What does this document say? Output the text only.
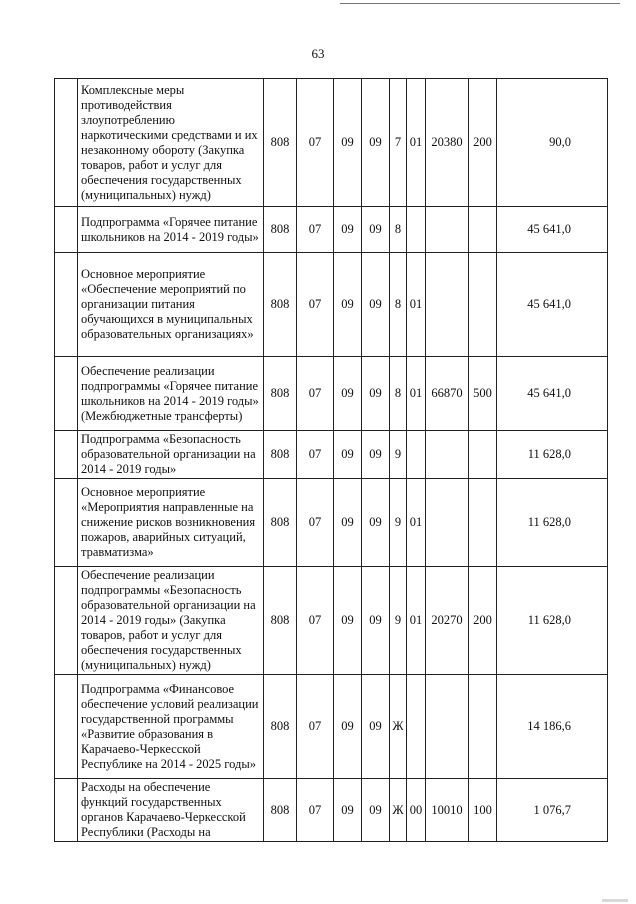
63
	Комплексные меры противодействия злоупотреблению наркотическими средствами и их незаконному обороту (Закупка товаров, работ и услуг для обеспечения государственных (муниципальных) нужд)	808	07	09	09	7	01	20380	200	90,0
	Подпрограмма «Горячее питание школьников на 2014 - 2019 годы»	808	07	09	09	8				45 641,0
	Основное мероприятие «Обеспечение мероприятий по организации питания обучающихся в муниципальных образовательных организациях»	808	07	09	09	8	01			45 641,0
	Обеспечение реализации подпрограммы «Горячее питание школьников на 2014 - 2019 годы» (Межбюджетные трансферты)	808	07	09	09	8	01	66870	500	45 641,0
	Подпрограмма «Безопасность образовательной организации на 2014 - 2019 годы»	808	07	09	09	9				11 628,0
	Основное мероприятие «Мероприятия направленные на снижение рисков возникновения пожаров, аварийных ситуаций, травматизма»	808	07	09	09	9	01			11 628,0
	Обеспечение реализации подпрограммы «Безопасность образовательной организации на 2014 - 2019 годы» (Закупка товаров, работ и услуг для обеспечения государственных (муниципальных) нужд)	808	07	09	09	9	01	20270	200	11 628,0
	Подпрограмма «Финансовое обеспечение условий реализации государственной программы «Развитие образования в Карачаево-Черкесской Республике на 2014 - 2025 годы»	808	07	09	09	Ж				14 186,6
	Расходы на обеспечение функций государственных органов Карачаево-Черкесской Республики (Расходы на	808	07	09	09	Ж	00	10010	100	1 076,7
